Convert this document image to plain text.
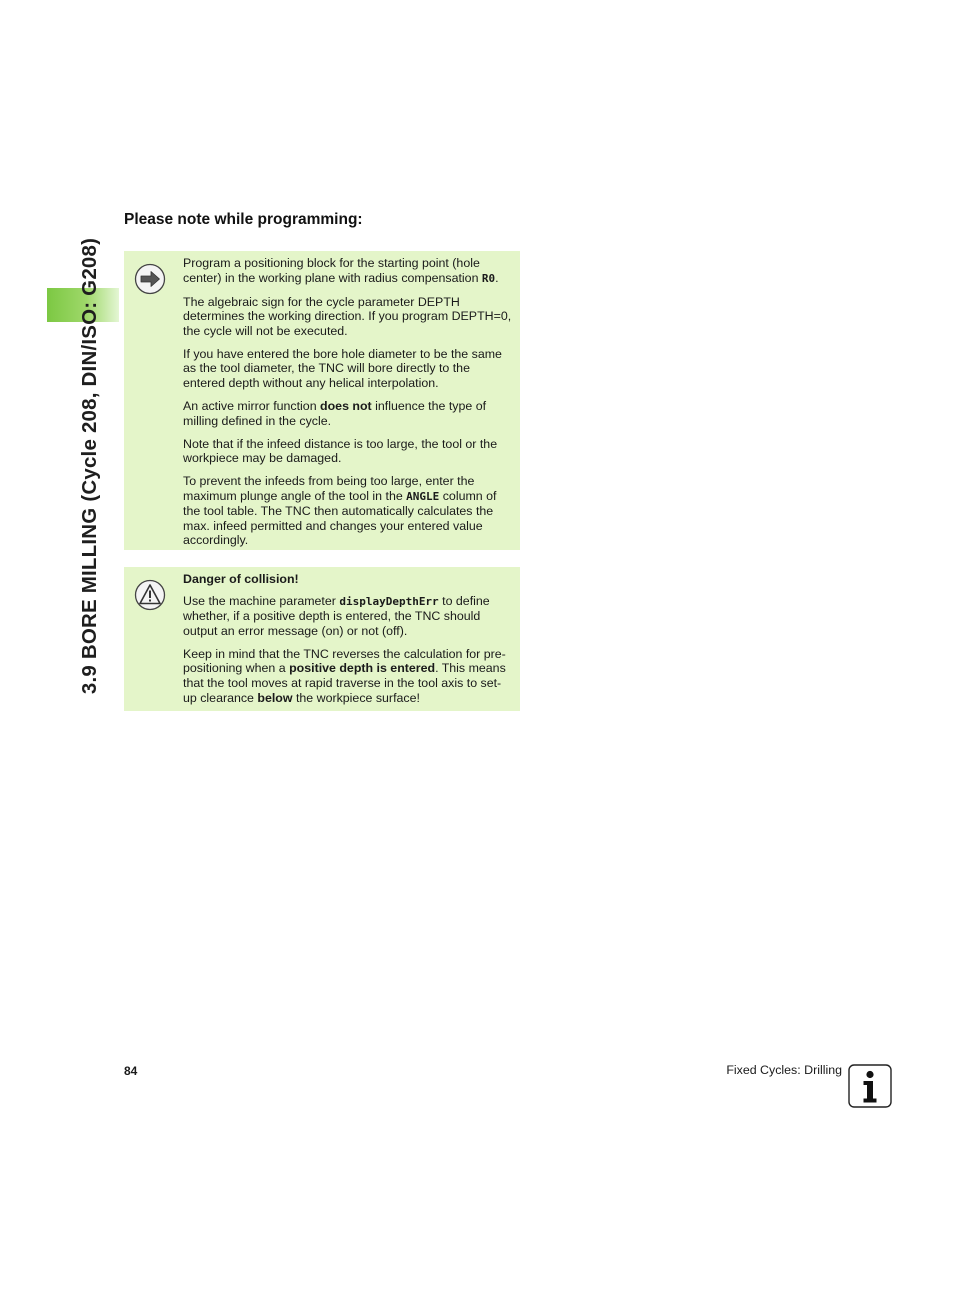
3.9 BORE MILLING (Cycle 208, DIN/ISO: G208)
Please note while programming:

Program a positioning block for the starting point (hole center) in the working plane with radius compensation R0.

The algebraic sign for the cycle parameter DEPTH determines the working direction. If you program DEPTH=0, the cycle will not be executed.

If you have entered the bore hole diameter to be the same as the tool diameter, the TNC will bore directly to the entered depth without any helical interpolation.

An active mirror function does not influence the type of milling defined in the cycle.

Note that if the infeed distance is too large, the tool or the workpiece may be damaged.

To prevent the infeeds from being too large, enter the maximum plunge angle of the tool in the ANGLE column of the tool table. The TNC then automatically calculates the max. infeed permitted and changes your entered value accordingly.

Danger of collision!

Use the machine parameter displayDepthErr to define whether, if a positive depth is entered, the TNC should output an error message (on) or not (off).

Keep in mind that the TNC reverses the calculation for pre-positioning when a positive depth is entered. This means that the tool moves at rapid traverse in the tool axis to set-up clearance below the workpiece surface!

84	Fixed Cycles: Drilling
